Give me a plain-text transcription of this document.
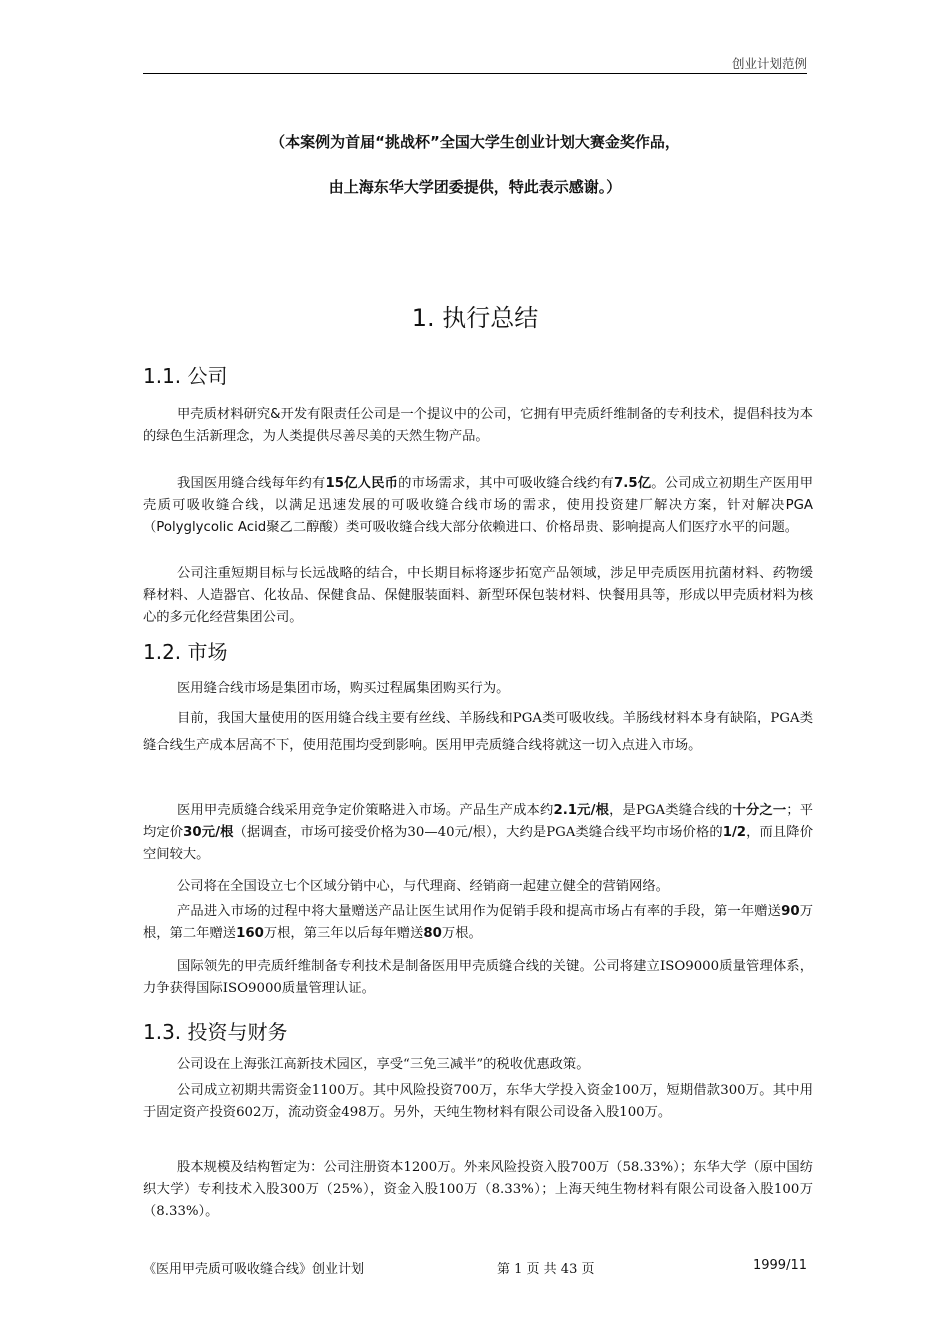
创业计划范例
（本案例为首届“挑战杯”全国大学生创业计划大赛金奖作品，
由上海东华大学团委提供，特此表示感谢。）
1. 执行总结
1.1. 公司

甲壳质材料研究&开发有限责任公司是一个提议中的公司，它拥有甲壳质纤维制备的专利技术，提倡科技为本的绿色生活新理念，为人类提供尽善尽美的天然生物产品。

我国医用缝合线每年约有15亿人民币的市场需求，其中可吸收缝合线约有7.5亿。公司成立初期生产医用甲壳质可吸收缝合线，以满足迅速发展的可吸收缝合线市场的需求，使用投资建厂解决方案，针对解决PGA（Polyglycolic Acid聚乙二醇酸）类可吸收缝合线大部分依赖进口、价格昂贵、影响提高人们医疗水平的问题。

公司注重短期目标与长远战略的结合，中长期目标将逐步拓宽产品领域，涉足甲壳质医用抗菌材料、药物缓释材料、人造器官、化妆品、保健食品、保健服装面料、新型环保包装材料、快餐用具等，形成以甲壳质材料为核心的多元化经营集团公司。

1.2. 市场

医用缝合线市场是集团市场，购买过程属集团购买行为。

目前，我国大量使用的医用缝合线主要有丝线、羊肠线和PGA类可吸收线。羊肠线材料本身有缺陷，PGA类缝合线生产成本居高不下，使用范围均受到影响。医用甲壳质缝合线将就这一切入点进入市场。

医用甲壳质缝合线采用竞争定价策略进入市场。产品生产成本约2.1元/根，是PGA类缝合线的十分之一；平均定价30元/根（据调查，市场可接受价格为30—40元/根），大约是PGA类缝合线平均市场价格的1/2，而且降价空间较大。

公司将在全国设立七个区域分销中心，与代理商、经销商一起建立健全的营销网络。

产品进入市场的过程中将大量赠送产品让医生试用作为促销手段和提高市场占有率的手段，第一年赠送90万根，第二年赠送160万根，第三年以后每年赠送80万根。

国际领先的甲壳质纤维制备专利技术是制备医用甲壳质缝合线的关键。公司将建立ISO9000质量管理体系，力争获得国际ISO9000质量管理认证。

1.3. 投资与财务

公司设在上海张江高新技术园区，享受“三免三减半”的税收优惠政策。

公司成立初期共需资金1100万。其中风险投资700万，东华大学投入资金100万，短期借款300万。其中用于固定资产投资602万，流动资金498万。另外，天纯生物材料有限公司设备入股100万。

股本规模及结构暂定为：公司注册资本1200万。外来风险投资入股700万（58.33%）；东华大学（原中国纺织大学）专利技术入股300万（25%），资金入股100万（8.33%）；上海天纯生物材料有限公司设备入股100万（8.33%）。

《医用甲壳质可吸收缝合线》创业计划	第 1 页 共 43 页	1999/11
